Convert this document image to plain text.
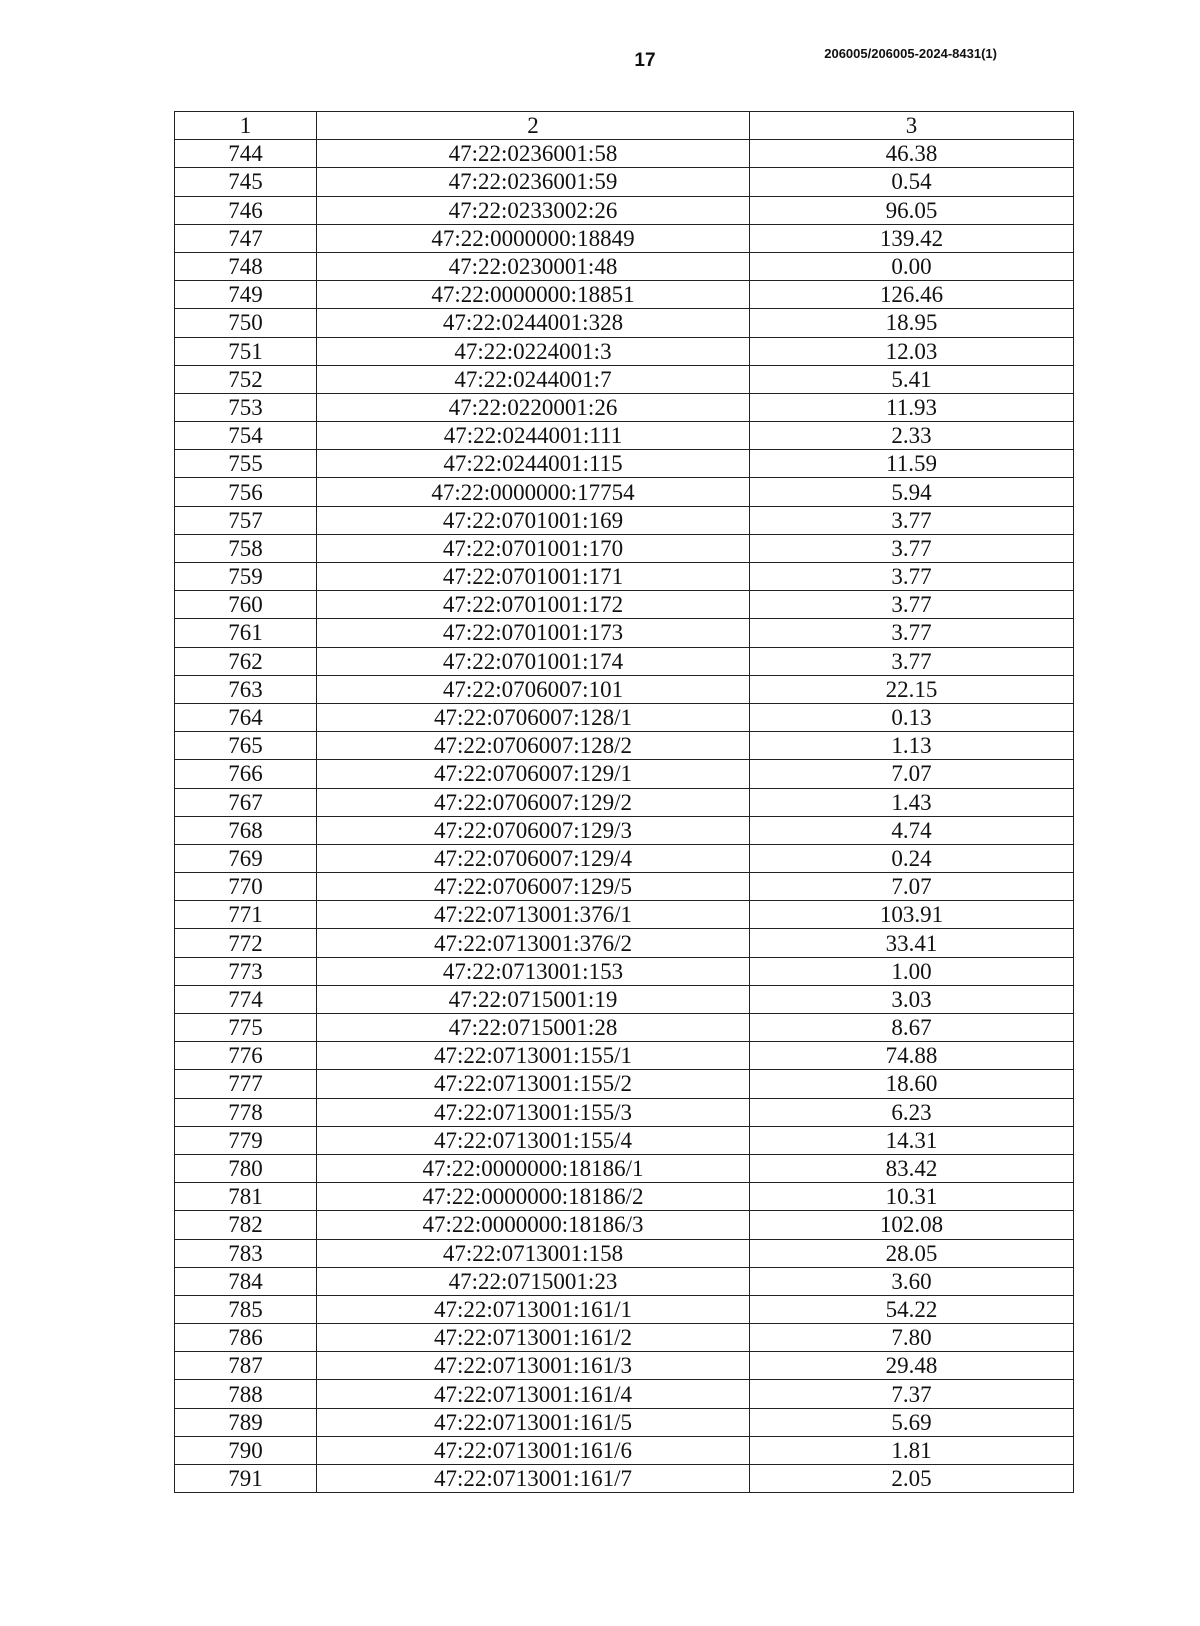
17	206005/206005-2024-8431(1)
1	2	3
744	47:22:0236001:58	46.38
745	47:22:0236001:59	0.54
746	47:22:0233002:26	96.05
747	47:22:0000000:18849	139.42
748	47:22:0230001:48	0.00
749	47:22:0000000:18851	126.46
750	47:22:0244001:328	18.95
751	47:22:0224001:3	12.03
752	47:22:0244001:7	5.41
753	47:22:0220001:26	11.93
754	47:22:0244001:111	2.33
755	47:22:0244001:115	11.59
756	47:22:0000000:17754	5.94
757	47:22:0701001:169	3.77
758	47:22:0701001:170	3.77
759	47:22:0701001:171	3.77
760	47:22:0701001:172	3.77
761	47:22:0701001:173	3.77
762	47:22:0701001:174	3.77
763	47:22:0706007:101	22.15
764	47:22:0706007:128/1	0.13
765	47:22:0706007:128/2	1.13
766	47:22:0706007:129/1	7.07
767	47:22:0706007:129/2	1.43
768	47:22:0706007:129/3	4.74
769	47:22:0706007:129/4	0.24
770	47:22:0706007:129/5	7.07
771	47:22:0713001:376/1	103.91
772	47:22:0713001:376/2	33.41
773	47:22:0713001:153	1.00
774	47:22:0715001:19	3.03
775	47:22:0715001:28	8.67
776	47:22:0713001:155/1	74.88
777	47:22:0713001:155/2	18.60
778	47:22:0713001:155/3	6.23
779	47:22:0713001:155/4	14.31
780	47:22:0000000:18186/1	83.42
781	47:22:0000000:18186/2	10.31
782	47:22:0000000:18186/3	102.08
783	47:22:0713001:158	28.05
784	47:22:0715001:23	3.60
785	47:22:0713001:161/1	54.22
786	47:22:0713001:161/2	7.80
787	47:22:0713001:161/3	29.48
788	47:22:0713001:161/4	7.37
789	47:22:0713001:161/5	5.69
790	47:22:0713001:161/6	1.81
791	47:22:0713001:161/7	2.05
